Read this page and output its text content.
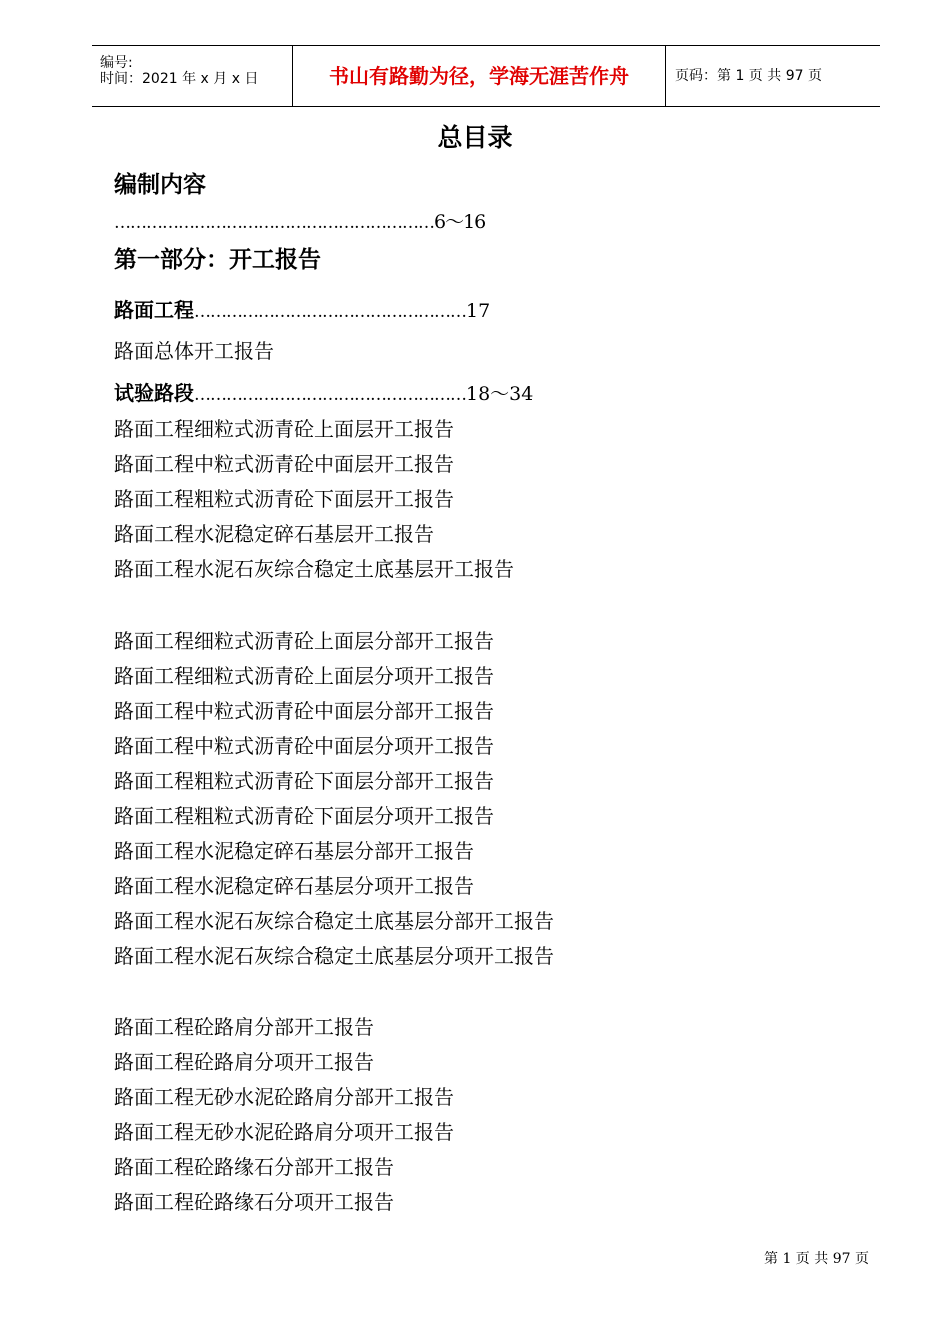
编号:
时间：2021 年 x 月 x 日	书山有路勤为径，学海无涯苦作舟	页码：第 1 页 共 97 页
总目录
编制内容
……………………………………………………6～16
第一部分：开工报告
路面工程……………………………………………17
路面总体开工报告
试验路段……………………………………………18～34
路面工程细粒式沥青砼上面层开工报告
路面工程中粒式沥青砼中面层开工报告
路面工程粗粒式沥青砼下面层开工报告
路面工程水泥稳定碎石基层开工报告
路面工程水泥石灰综合稳定土底基层开工报告
路面工程细粒式沥青砼上面层分部开工报告
路面工程细粒式沥青砼上面层分项开工报告
路面工程中粒式沥青砼中面层分部开工报告
路面工程中粒式沥青砼中面层分项开工报告
路面工程粗粒式沥青砼下面层分部开工报告
路面工程粗粒式沥青砼下面层分项开工报告
路面工程水泥稳定碎石基层分部开工报告
路面工程水泥稳定碎石基层分项开工报告
路面工程水泥石灰综合稳定土底基层分部开工报告
路面工程水泥石灰综合稳定土底基层分项开工报告
路面工程砼路肩分部开工报告
路面工程砼路肩分项开工报告
路面工程无砂水泥砼路肩分部开工报告
路面工程无砂水泥砼路肩分项开工报告
路面工程砼路缘石分部开工报告
路面工程砼路缘石分项开工报告
第 1 页 共 97 页
